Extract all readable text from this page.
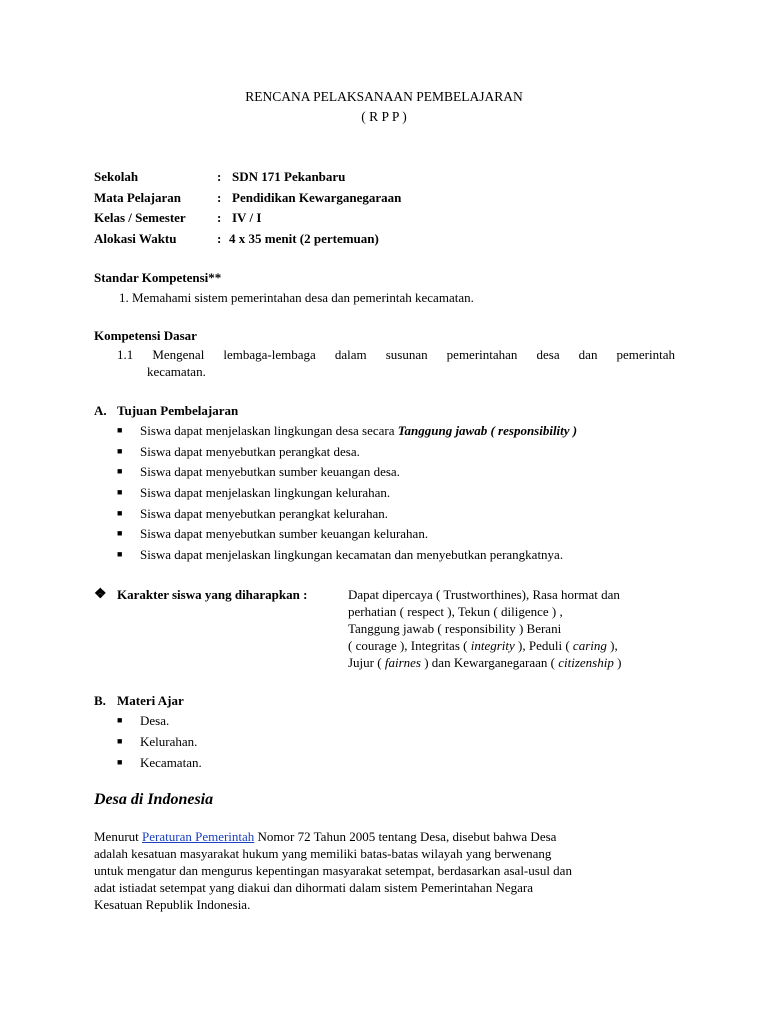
RENCANA PELAKSANAAN PEMBELAJARAN
( R P P )
Sekolah	: SDN 171 Pekanbaru
Mata Pelajaran	: Pendidikan Kewarganegaraan
Kelas / Semester : IV / I
Alokasi Waktu	: 4 x 35 menit (2 pertemuan)
Standar Kompetensi**
1. Memahami sistem pemerintahan desa dan pemerintah kecamatan.
Kompetensi Dasar
1.1 Mengenal lembaga-lembaga dalam susunan pemerintahan desa dan pemerintah
kecamatan.
A. Tujuan Pembelajaran
■ Siswa dapat menjelaskan lingkungan desa secara Tanggung jawab ( responsibility )
■ Siswa dapat menyebutkan perangkat desa.
■ Siswa dapat menyebutkan sumber keuangan desa.
■ Siswa dapat menjelaskan lingkungan kelurahan.
■ Siswa dapat menyebutkan perangkat kelurahan.
■ Siswa dapat menyebutkan sumber keuangan kelurahan.
■ Siswa dapat menjelaskan lingkungan kecamatan dan menyebutkan perangkatnya.
❖ Karakter siswa yang diharapkan :	Dapat dipercaya ( Trustworthines), Rasa hormat dan
perhatian ( respect ), Tekun ( diligence ) ,
Tanggung jawab ( responsibility ) Berani
( courage ), Integritas ( integrity ), Peduli ( caring ),
Jujur ( fairnes ) dan Kewarganegaraan ( citizenship )
B. Materi Ajar
■ Desa.
■ Kelurahan.
■ Kecamatan.
Desa di Indonesia
Menurut Peraturan Pemerintah Nomor 72 Tahun 2005 tentang Desa, disebut bahwa Desa
adalah kesatuan masyarakat hukum yang memiliki batas-batas wilayah yang berwenang
untuk mengatur dan mengurus kepentingan masyarakat setempat, berdasarkan asal-usul dan
adat istiadat setempat yang diakui dan dihormati dalam sistem Pemerintahan Negara
Kesatuan Republik Indonesia.
